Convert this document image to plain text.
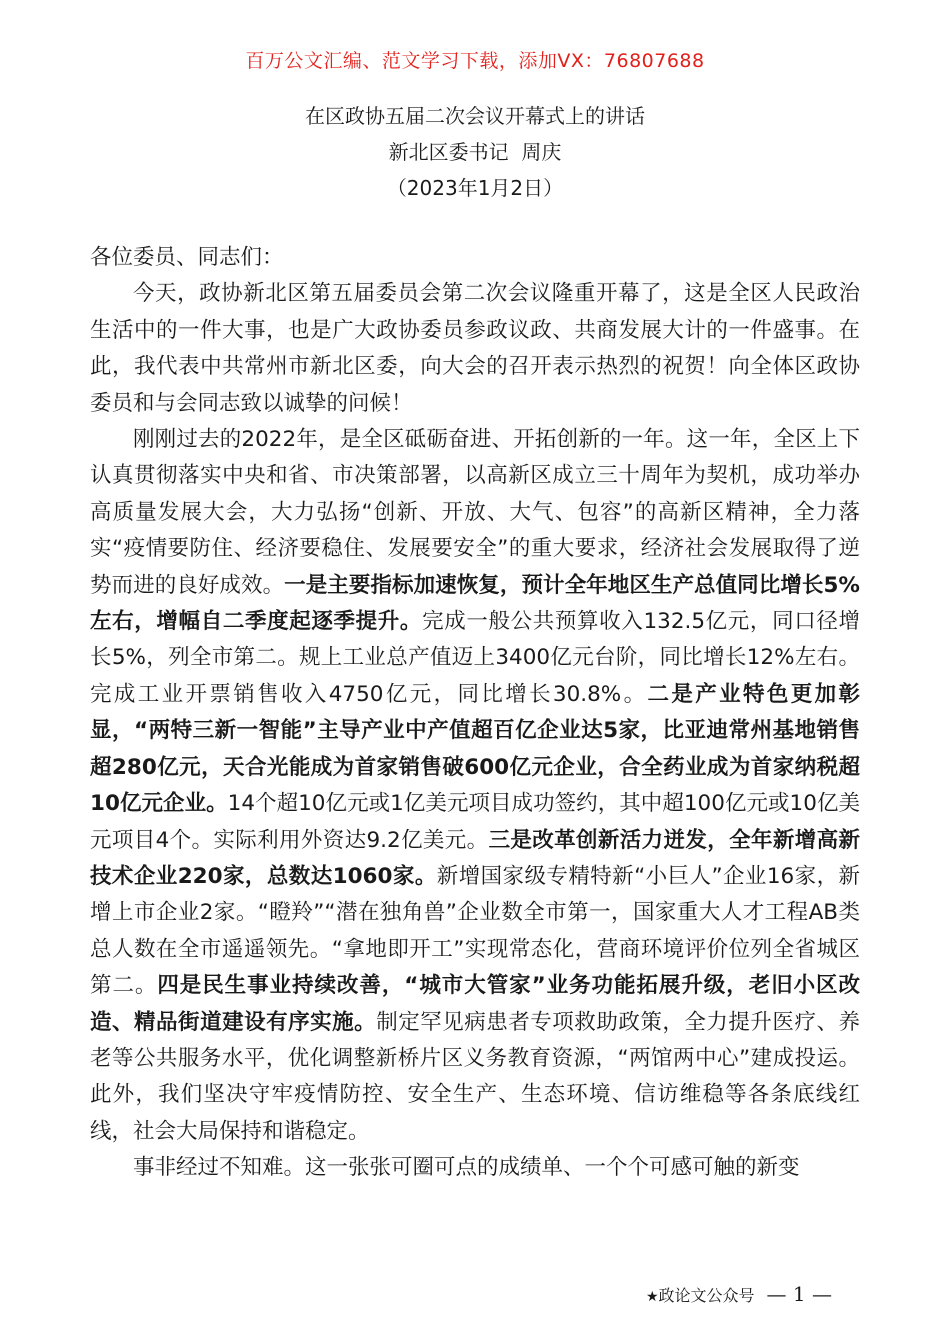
百万公文汇编、范文学习下载，添加VX：76807688
在区政协五届二次会议开幕式上的讲话
新北区委书记  周庆
（2023年1月2日）

各位委员、同志们：

今天，政协新北区第五届委员会第二次会议隆重开幕了，这是全区人民政治生活中的一件大事，也是广大政协委员参政议政、共商发展大计的一件盛事。在此，我代表中共常州市新北区委，向大会的召开表示热烈的祝贺！向全体区政协委员和与会同志致以诚挚的问候！

刚刚过去的2022年，是全区砥砺奋进、开拓创新的一年。这一年，全区上下认真贯彻落实中央和省、市决策部署，以高新区成立三十周年为契机，成功举办高质量发展大会，大力弘扬“创新、开放、大气、包容”的高新区精神，全力落实“疫情要防住、经济要稳住、发展要安全”的重大要求，经济社会发展取得了逆势而进的良好成效。一是主要指标加速恢复，预计全年地区生产总值同比增长5%左右，增幅自二季度起逐季提升。完成一般公共预算收入132.5亿元，同口径增长5%，列全市第二。规上工业总产值迈上3400亿元台阶，同比增长12%左右。完成工业开票销售收入4750亿元，同比增长30.8%。二是产业特色更加彰显，“两特三新一智能”主导产业中产值超百亿企业达5家，比亚迪常州基地销售超280亿元，天合光能成为首家销售破600亿元企业，合全药业成为首家纳税超10亿元企业。14个超10亿元或1亿美元项目成功签约，其中超100亿元或10亿美元项目4个。实际利用外资达9.2亿美元。三是改革创新活力迸发，全年新增高新技术企业220家，总数达1060家。新增国家级专精特新“小巨人”企业16家，新增上市企业2家。“瞪羚”“潜在独角兽”企业数全市第一，国家重大人才工程AB类总人数在全市遥遥领先。“拿地即开工”实现常态化，营商环境评价位列全省城区第二。四是民生事业持续改善，“城市大管家”业务功能拓展升级，老旧小区改造、精品街道建设有序实施。制定罕见病患者专项救助政策，全力提升医疗、养老等公共服务水平，优化调整新桥片区义务教育资源，“两馆两中心”建成投运。此外，我们坚决守牢疫情防控、安全生产、生态环境、信访维稳等各条底线红线，社会大局保持和谐稳定。

事非经过不知难。这一张张可圈可点的成绩单、一个个可感可触的新变

★政论文公众号 — 1 —
